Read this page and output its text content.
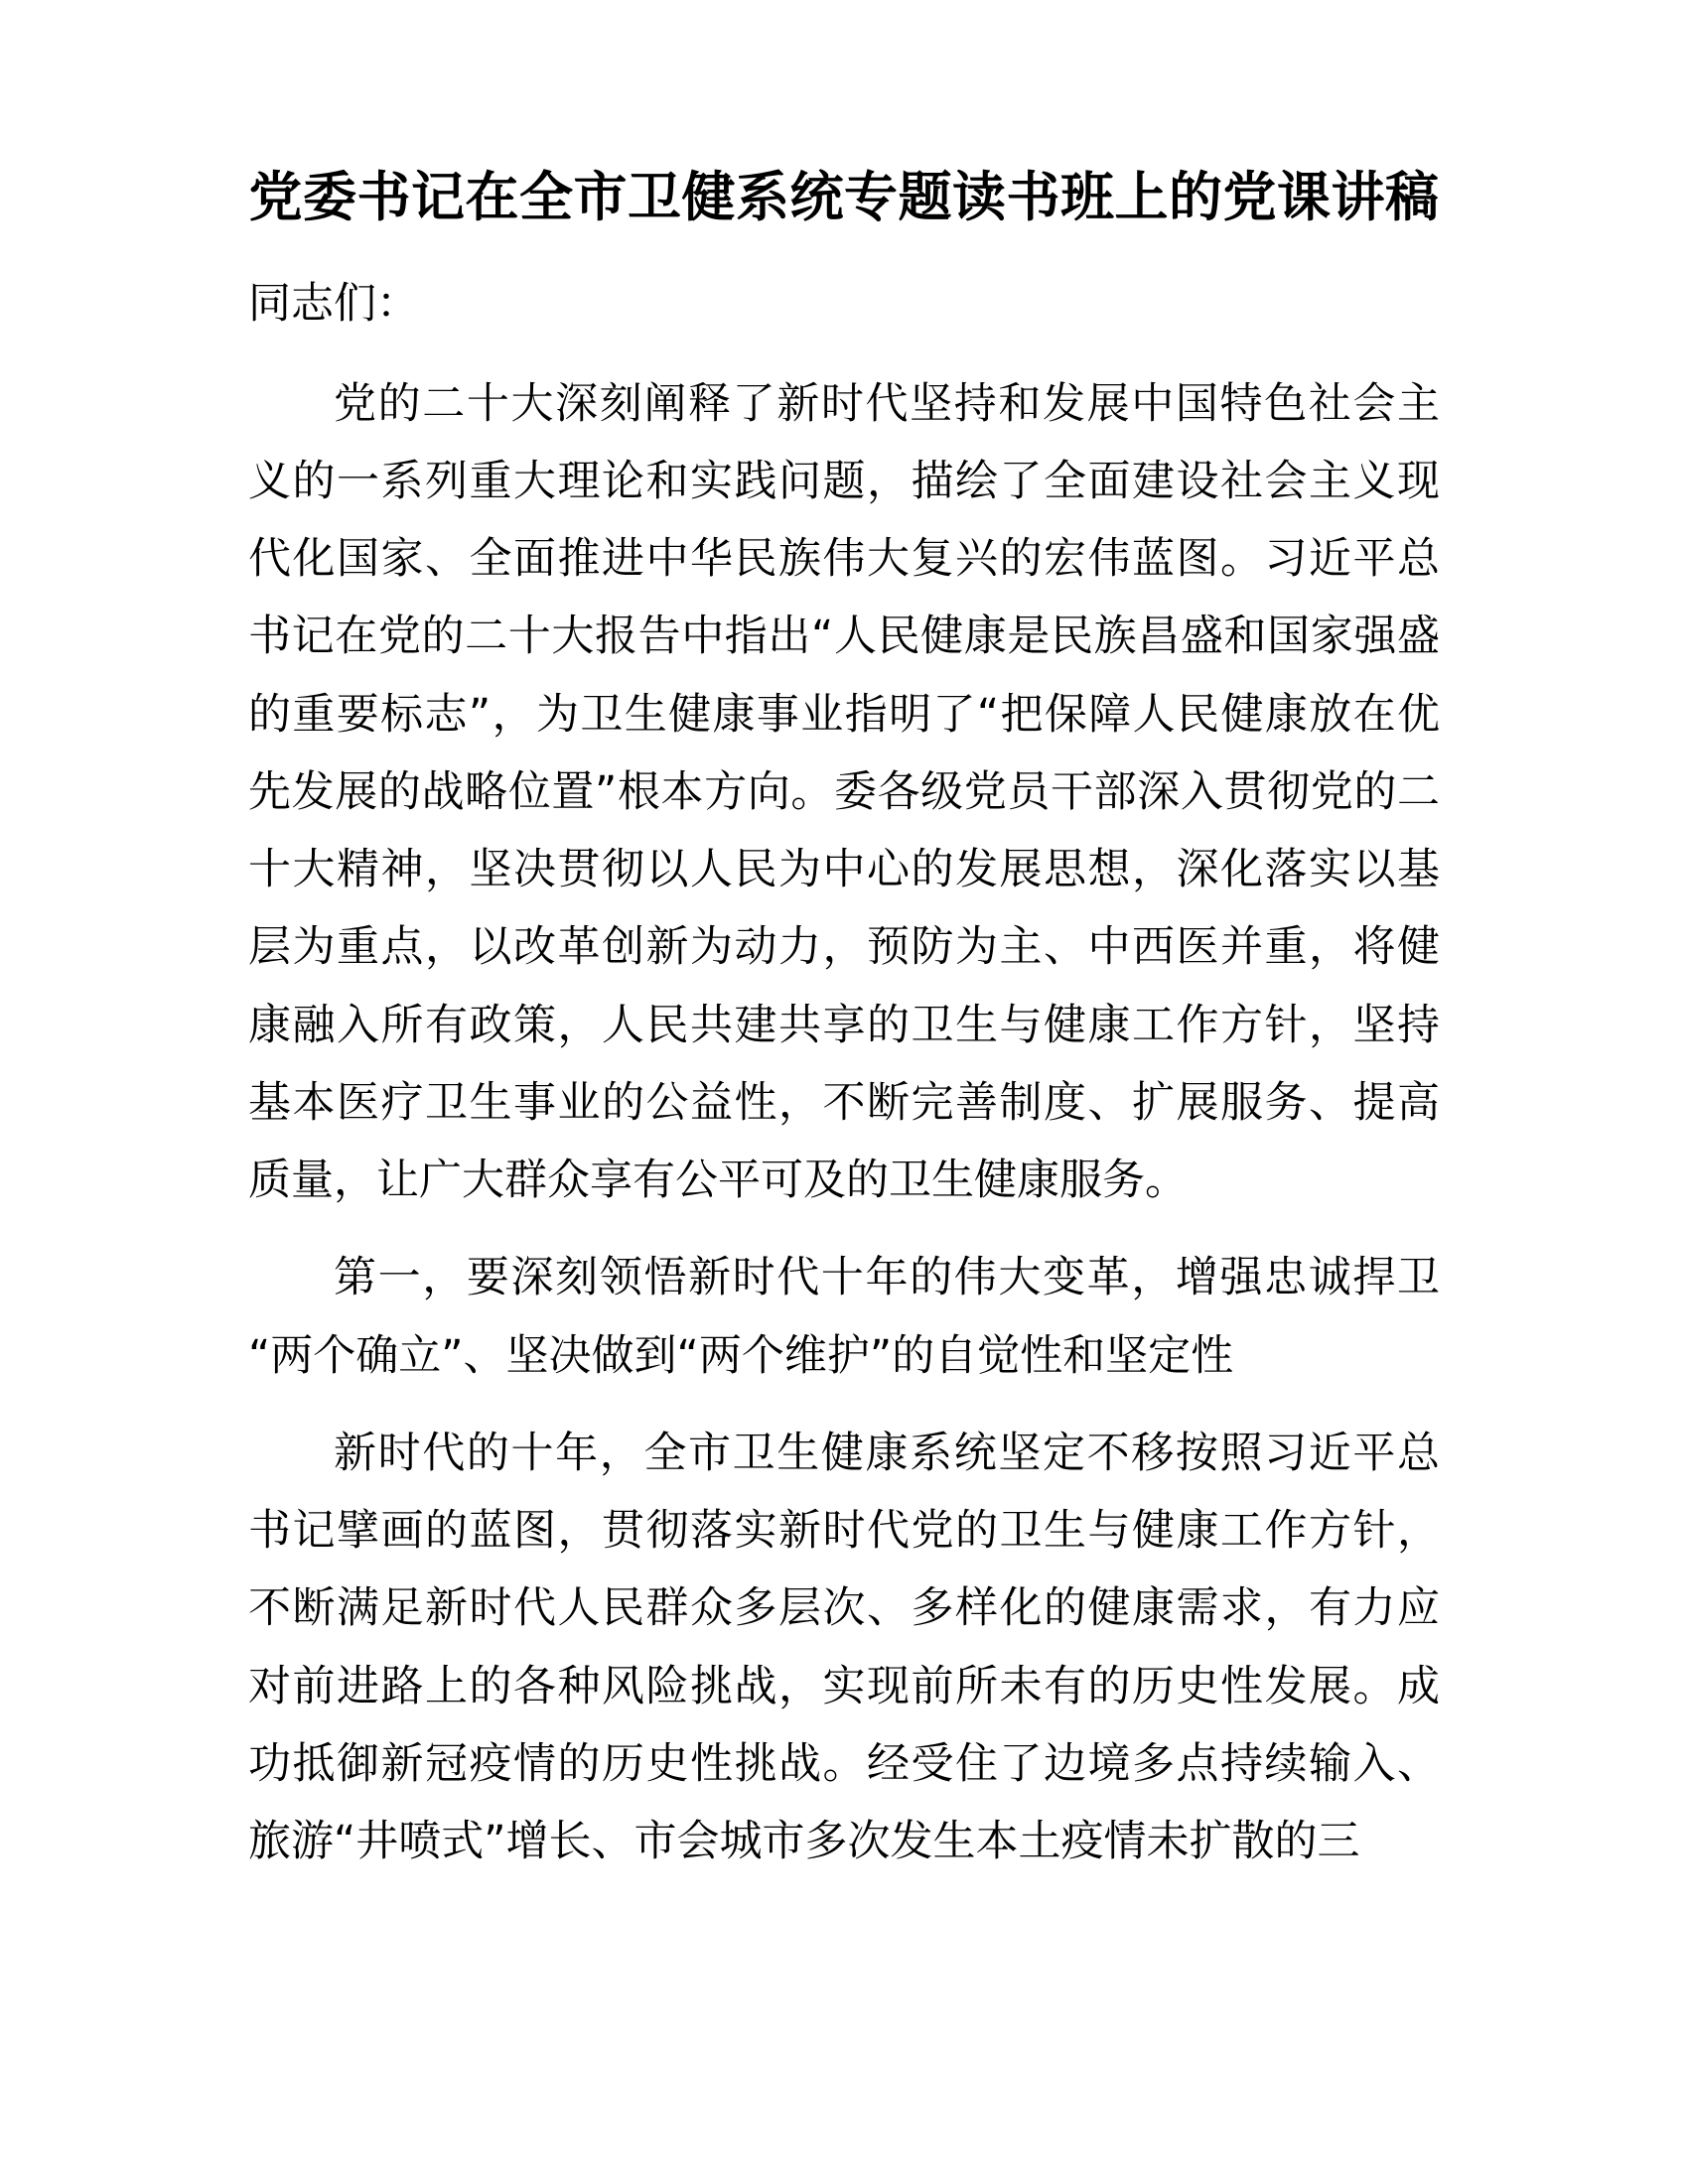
党委书记在全市卫健系统专题读书班上的党课讲稿

同志们：

党的二十大深刻阐释了新时代坚持和发展中国特色社会主义的一系列重大理论和实践问题，描绘了全面建设社会主义现代化国家、全面推进中华民族伟大复兴的宏伟蓝图。习近平总书记在党的二十大报告中指出“人民健康是民族昌盛和国家强盛的重要标志”，为卫生健康事业指明了“把保障人民健康放在优先发展的战略位置”根本方向。委各级党员干部深入贯彻党的二十大精神，坚决贯彻以人民为中心的发展思想，深化落实以基层为重点，以改革创新为动力，预防为主、中西医并重，将健康融入所有政策，人民共建共享的卫生与健康工作方针，坚持基本医疗卫生事业的公益性，不断完善制度、扩展服务、提高质量，让广大群众享有公平可及的卫生健康服务。

第一，要深刻领悟新时代十年的伟大变革，增强忠诚捍卫“两个确立”、坚决做到“两个维护”的自觉性和坚定性

新时代的十年，全市卫生健康系统坚定不移按照习近平总书记擘画的蓝图，贯彻落实新时代党的卫生与健康工作方针，不断满足新时代人民群众多层次、多样化的健康需求，有力应对前进路上的各种风险挑战，实现前所未有的历史性发展。成功抵御新冠疫情的历史性挑战。经受住了边境多点持续输入、旅游“井喷式”增长、市会城市多次发生本土疫情未扩散的三
